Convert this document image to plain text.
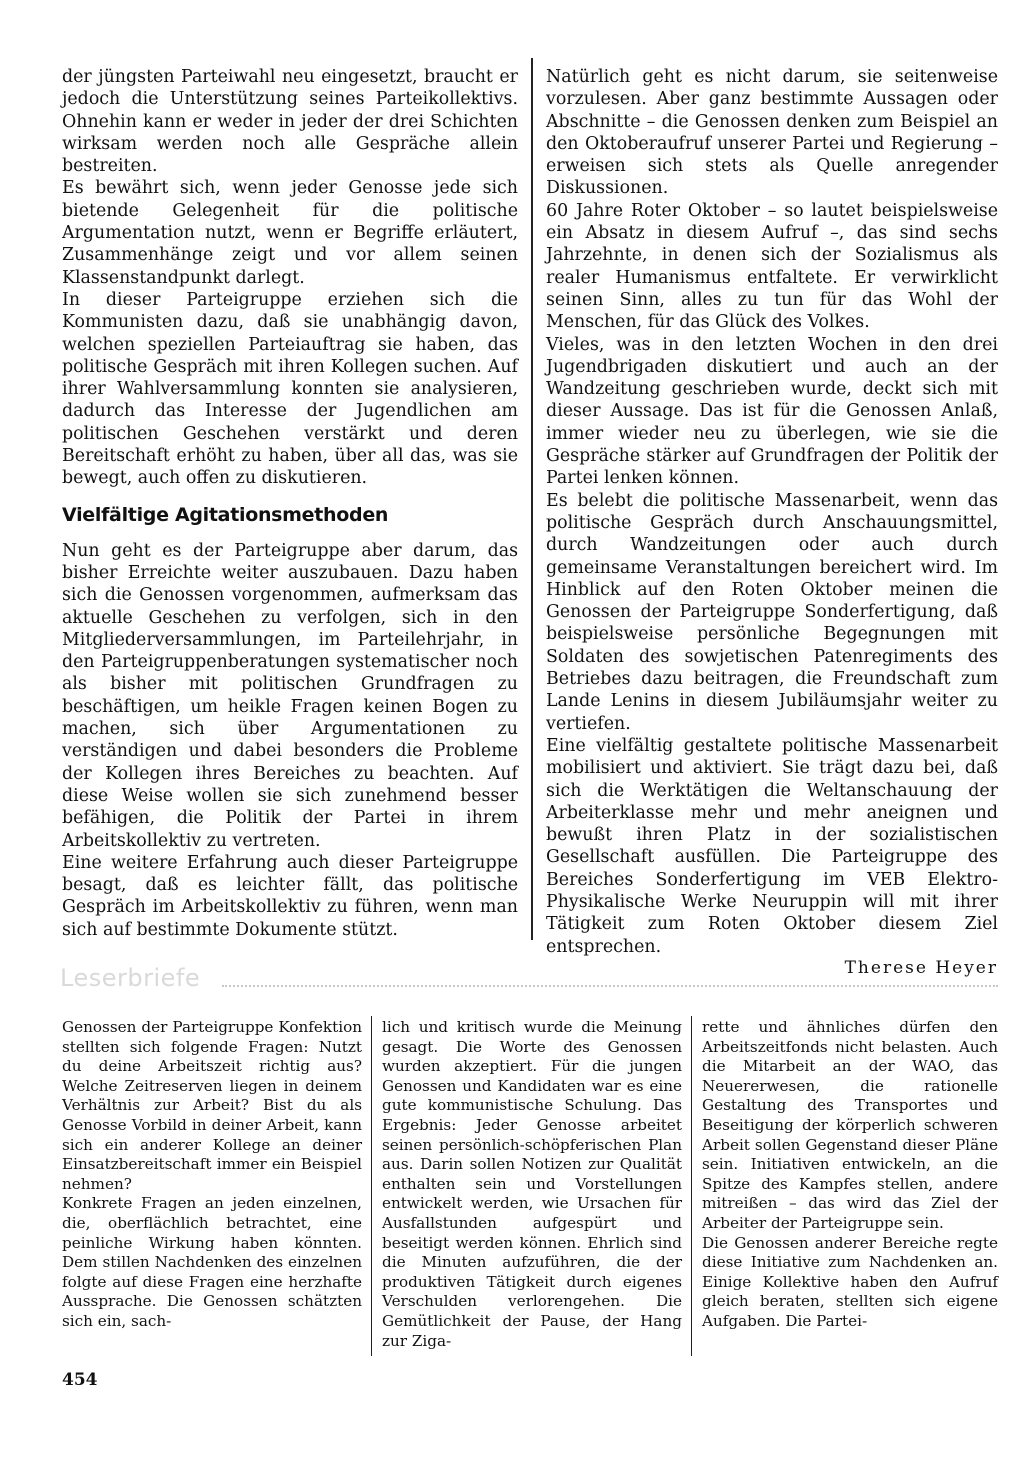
der jüngsten Parteiwahl neu eingesetzt, braucht er jedoch die Unterstützung seines Parteikollektivs. Ohnehin kann er weder in jeder der drei Schichten wirksam werden noch alle Gespräche allein bestreiten.

Es bewährt sich, wenn jeder Genosse jede sich bietende Gelegenheit für die politische Argumentation nutzt, wenn er Begriffe erläutert, Zusammenhänge zeigt und vor allem seinen Klassenstandpunkt darlegt.

In dieser Parteigruppe erziehen sich die Kommunisten dazu, daß sie unabhängig davon, welchen speziellen Parteiauftrag sie haben, das politische Gespräch mit ihren Kollegen suchen. Auf ihrer Wahlversammlung konnten sie analysieren, dadurch das Interesse der Jugendlichen am politischen Geschehen verstärkt und deren Bereitschaft erhöht zu haben, über all das, was sie bewegt, auch offen zu diskutieren.

Vielfältige Agitationsmethoden

Nun geht es der Parteigruppe aber darum, das bisher Erreichte weiter auszubauen. Dazu haben sich die Genossen vorgenommen, aufmerksam das aktuelle Geschehen zu verfolgen, sich in den Mitgliederversammlungen, im Parteilehrjahr, in den Parteigruppenberatungen systematischer noch als bisher mit politischen Grundfragen zu beschäftigen, um heikle Fragen keinen Bogen zu machen, sich über Argumentationen zu verständigen und dabei besonders die Probleme der Kollegen ihres Bereiches zu beachten. Auf diese Weise wollen sie sich zunehmend besser befähigen, die Politik der Partei in ihrem Arbeitskollektiv zu vertreten.

Eine weitere Erfahrung auch dieser Parteigruppe besagt, daß es leichter fällt, das politische Gespräch im Arbeitskollektiv zu führen, wenn man sich auf bestimmte Dokumente stützt.

Natürlich geht es nicht darum, sie seitenweise vorzulesen. Aber ganz bestimmte Aussagen oder Abschnitte – die Genossen denken zum Beispiel an den Oktoberaufruf unserer Partei und Regierung – erweisen sich stets als Quelle anregender Diskussionen.

60 Jahre Roter Oktober – so lautet beispielsweise ein Absatz in diesem Aufruf –, das sind sechs Jahrzehnte, in denen sich der Sozialismus als realer Humanismus entfaltete. Er verwirklicht seinen Sinn, alles zu tun für das Wohl der Menschen, für das Glück des Volkes.

Vieles, was in den letzten Wochen in den drei Jugendbrigaden diskutiert und auch an der Wandzeitung geschrieben wurde, deckt sich mit dieser Aussage. Das ist für die Genossen Anlaß, immer wieder neu zu überlegen, wie sie die Gespräche stärker auf Grundfragen der Politik der Partei lenken können.

Es belebt die politische Massenarbeit, wenn das politische Gespräch durch Anschauungsmittel, durch Wandzeitungen oder auch durch gemeinsame Veranstaltungen bereichert wird. Im Hinblick auf den Roten Oktober meinen die Genossen der Parteigruppe Sonderfertigung, daß beispielsweise persönliche Begegnungen mit Soldaten des sowjetischen Patenregiments des Betriebes dazu beitragen, die Freundschaft zum Lande Lenins in diesem Jubiläumsjahr weiter zu vertiefen.

Eine vielfältig gestaltete politische Massenarbeit mobilisiert und aktiviert. Sie trägt dazu bei, daß sich die Werktätigen die Weltanschauung der Arbeiterklasse mehr und mehr aneignen und bewußt ihren Platz in der sozialistischen Gesellschaft ausfüllen. Die Parteigruppe des Bereiches Sonderfertigung im VEB Elektro-Physikalische Werke Neuruppin will mit ihrer Tätigkeit zum Roten Oktober diesem Ziel entsprechen.

Therese Heyer
Leserbriefe

Genossen der Parteigruppe Konfektion stellten sich folgende Fragen: Nutzt du deine Arbeitszeit richtig aus? Welche Zeitreserven liegen in deinem Verhältnis zur Arbeit? Bist du als Genosse Vorbild in deiner Arbeit, kann sich ein anderer Kollege an deiner Einsatzbereitschaft immer ein Beispiel nehmen?

Konkrete Fragen an jeden einzelnen, die, oberflächlich betrachtet, eine peinliche Wirkung haben könnten. Dem stillen Nachdenken des einzelnen folgte auf diese Fragen eine herzhafte Aussprache. Die Genossen schätzten sich ein, sach-

lich und kritisch wurde die Meinung gesagt. Die Worte des Genossen wurden akzeptiert. Für die jungen Genossen und Kandidaten war es eine gute kommunistische Schulung. Das Ergebnis: Jeder Genosse arbeitet seinen persönlich-schöpferischen Plan aus. Darin sollen Notizen zur Qualität enthalten sein und Vorstellungen entwickelt werden, wie Ursachen für Ausfallstunden aufgespürt und beseitigt werden können. Ehrlich sind die Minuten aufzuführen, die der produktiven Tätigkeit durch eigenes Verschulden verlorengehen. Die Gemütlichkeit der Pause, der Hang zur Ziga-

rette und ähnliches dürfen den Arbeitszeitfonds nicht belasten. Auch die Mitarbeit an der WAO, das Neuererwesen, die rationelle Gestaltung des Transportes und Beseitigung der körperlich schweren Arbeit sollen Gegenstand dieser Pläne sein. Initiativen entwickeln, an die Spitze des Kampfes stellen, andere mitreißen – das wird das Ziel der Arbeiter der Parteigruppe sein.

Die Genossen anderer Bereiche regte diese Initiative zum Nachdenken an. Einige Kollektive haben den Aufruf gleich beraten, stellten sich eigene Aufgaben. Die Partei-

454
